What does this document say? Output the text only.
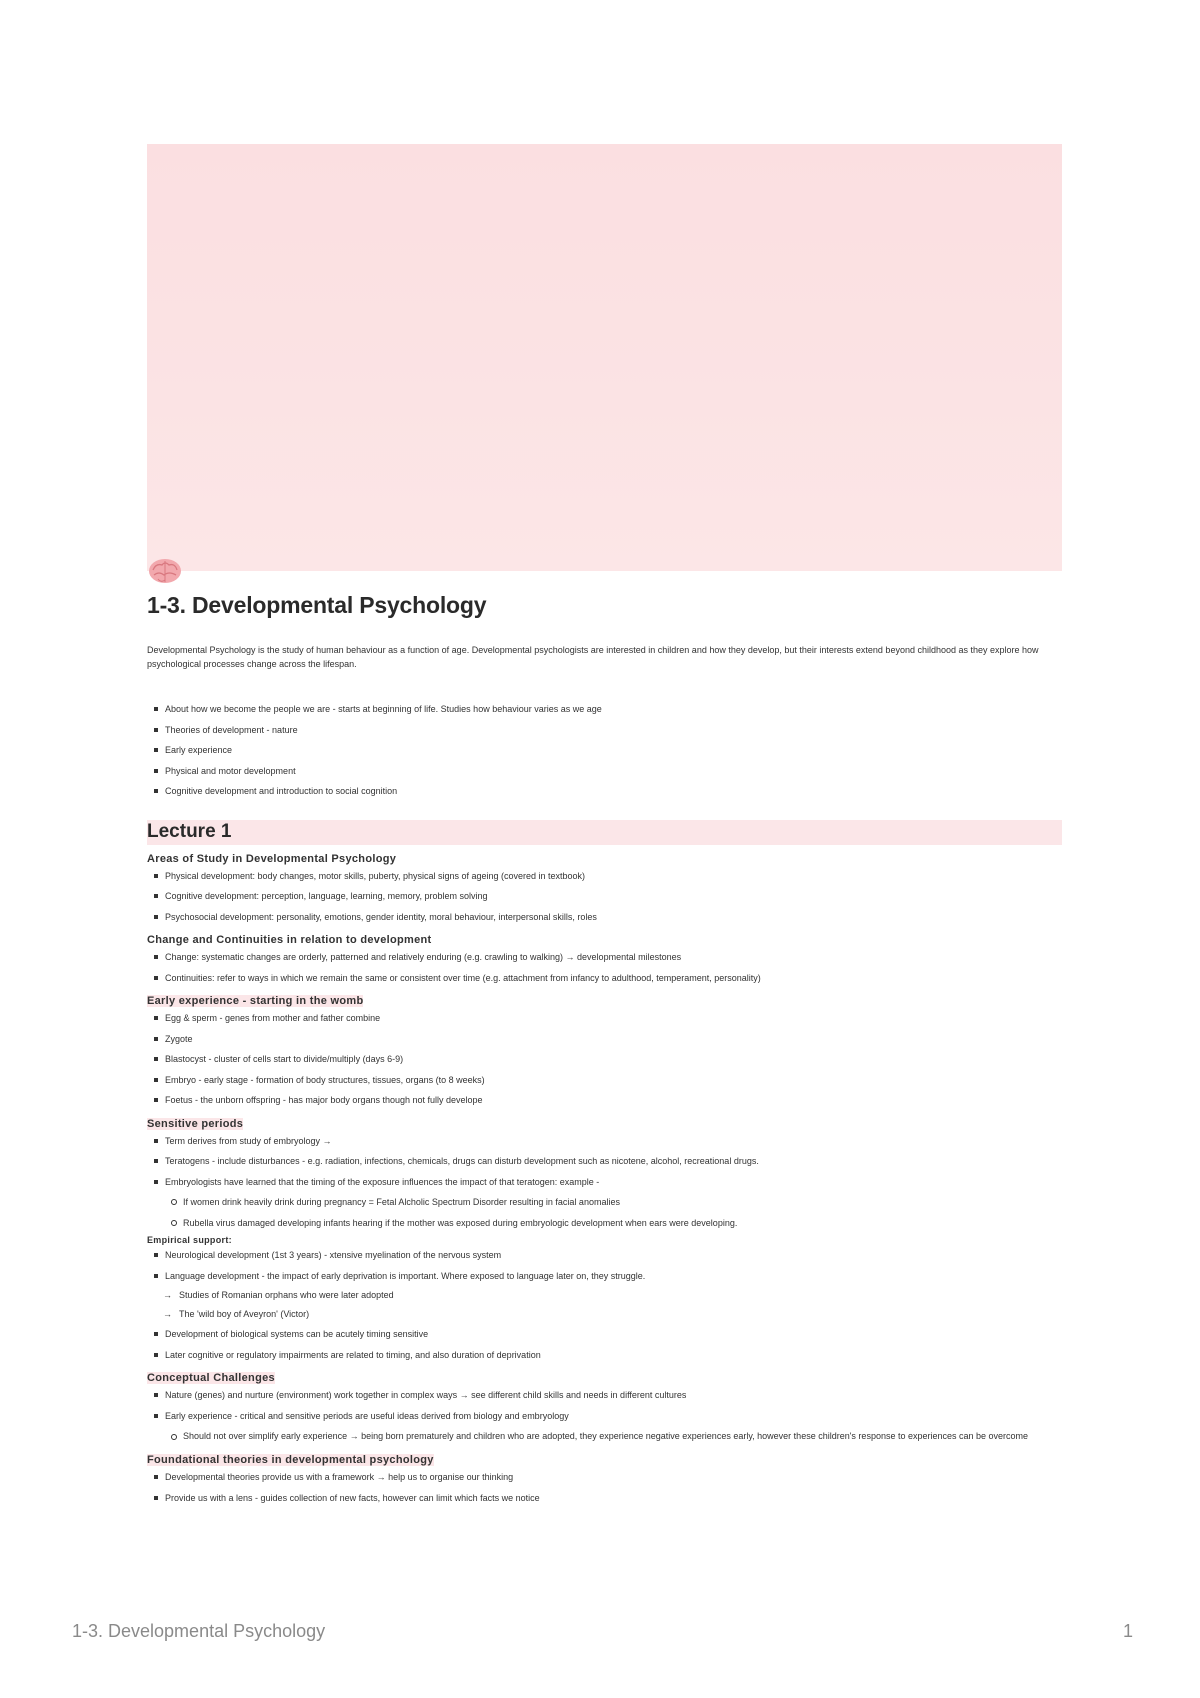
1-3. Developmental Psychology

Developmental Psychology is the study of human behaviour as a function of age. Developmental psychologists are interested in children and how they develop, but their interests extend beyond childhood as they explore how psychological processes change across the lifespan.

About how we become the people we are - starts at beginning of life. Studies how behaviour varies as we age
Theories of development - nature
Early experience
Physical and motor development
Cognitive development and introduction to social cognition
Lecture 1
Areas of Study in Developmental Psychology
Physical development: body changes, motor skills, puberty, physical signs of ageing (covered in textbook)
Cognitive development: perception, language, learning, memory, problem solving
Psychosocial development: personality, emotions, gender identity, moral behaviour, interpersonal skills, roles
Change and Continuities in relation to development
Change: systematic changes are orderly, patterned and relatively enduring (e.g. crawling to walking) → developmental milestones
Continuities: refer to ways in which we remain the same or consistent over time (e.g. attachment from infancy to adulthood, temperament, personality)
Early experience - starting in the womb
Egg & sperm - genes from mother and father combine
Zygote
Blastocyst - cluster of cells start to divide/multiply (days 6-9)
Embryo - early stage - formation of body structures, tissues, organs (to 8 weeks)
Foetus - the unborn offspring - has major body organs though not fully develope
Sensitive periods
Term derives from study of embryology →
Teratogens - include disturbances - e.g. radiation, infections, chemicals, drugs can disturb development such as nicotene, alcohol, recreational drugs.
Embryologists have learned that the timing of the exposure influences the impact of that teratogen: example -
If women drink heavily drink during pregnancy = Fetal Alcholic Spectrum Disorder resulting in facial anomalies
Rubella virus damaged developing infants hearing if the mother was exposed during embryologic development when ears were developing.
Empirical support:
Neurological development (1st 3 years) - xtensive myelination of the nervous system
Language development - the impact of early deprivation is important. Where exposed to language later on, they struggle.
→ Studies of Romanian orphans who were later adopted
→ The 'wild boy of Aveyron' (Victor)
Development of biological systems can be acutely timing sensitive
Later cognitive or regulatory impairments are related to timing, and also duration of deprivation
Conceptual Challenges
Nature (genes) and nurture (environment) work together in complex ways → see different child skills and needs in different cultures
Early experience - critical and sensitive periods are useful ideas derived from biology and embryology
Should not over simplify early experience → being born prematurely and children who are adopted, they experience negative experiences early, however these children's response to experiences can be overcome
Foundational theories in developmental psychology
Developmental theories provide us with a framework → help us to organise our thinking
Provide us with a lens - guides collection of new facts, however can limit which facts we notice
1-3. Developmental Psychology	1
